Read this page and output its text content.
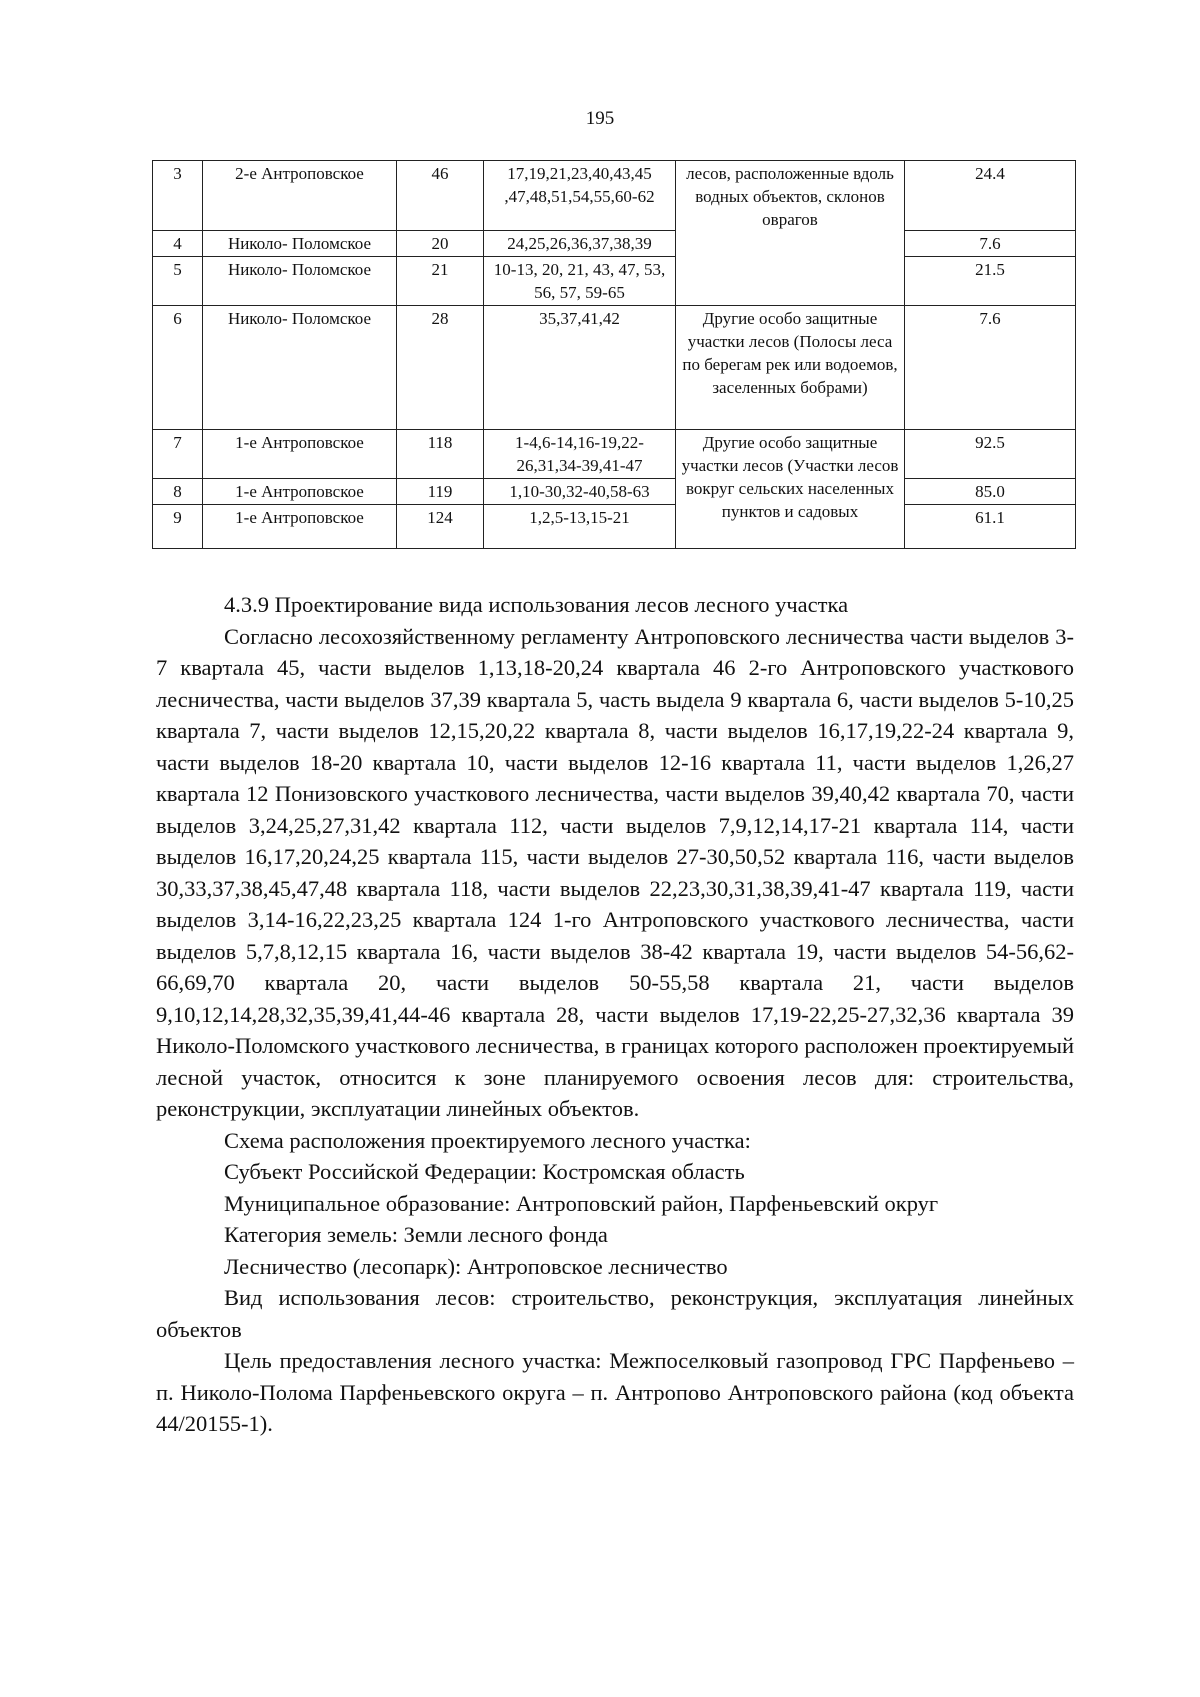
195
3	2-е Антроповское	46	17,19,21,23,40,43,45 ,47,48,51,54,55,60-62	лесов, расположенные вдоль водных объектов, склонов оврагов	24.4
4	Николо- Поломское	20	24,25,26,36,37,38,39		7.6
5	Николо- Поломское	21	10-13, 20, 21, 43, 47, 53, 56, 57, 59-65		21.5
6	Николо- Поломское	28	35,37,41,42	Другие особо защитные участки лесов (Полосы леса по берегам рек или водоемов, заселенных бобрами)	7.6
7	1-е Антроповское	118	1-4,6-14,16-19,22-26,31,34-39,41-47	Другие особо защитные участки лесов (Участки лесов вокруг сельских населенных пунктов и садовых	92.5
8	1-е Антроповское	119	1,10-30,32-40,58-63		85.0
9	1-е Антроповское	124	1,2,5-13,15-21		61.1

4.3.9 Проектирование вида использования лесов лесного участка

Согласно лесохозяйственному регламенту Антроповского лесничества части выделов 3-7 квартала 45, части выделов 1,13,18-20,24 квартала 46 2-го Антроповского участкового лесничества, части выделов 37,39 квартала 5, часть выдела 9 квартала 6, части выделов 5-10,25 квартала 7, части выделов 12,15,20,22 квартала 8, части выделов 16,17,19,22-24 квартала 9, части выделов 18-20 квартала 10, части выделов 12-16 квартала 11, части выделов 1,26,27 квартала 12 Понизовского участкового лесничества, части выделов 39,40,42 квартала 70, части выделов 3,24,25,27,31,42 квартала 112, части выделов 7,9,12,14,17-21 квартала 114, части выделов 16,17,20,24,25 квартала 115, части выделов 27-30,50,52 квартала 116, части выделов 30,33,37,38,45,47,48 квартала 118, части выделов 22,23,30,31,38,39,41-47 квартала 119, части выделов 3,14-16,22,23,25 квартала 124 1-го Антроповского участкового лесничества, части выделов 5,7,8,12,15 квартала 16, части выделов 38-42 квартала 19, части выделов 54-56,62-66,69,70 квартала 20, части выделов 50-55,58 квартала 21, части выделов 9,10,12,14,28,32,35,39,41,44-46 квартала 28, части выделов 17,19-22,25-27,32,36 квартала 39 Николо-Поломского участкового лесничества, в границах которого расположен проектируемый лесной участок, относится к зоне планируемого освоения лесов для: строительства, реконструкции, эксплуатации линейных объектов.

Схема расположения проектируемого лесного участка:

Субъект Российской Федерации: Костромская область

Муниципальное образование: Антроповский район, Парфеньевский округ

Категория земель: Земли лесного фонда

Лесничество (лесопарк): Антроповское лесничество

Вид использования лесов: строительство, реконструкция, эксплуатация линейных объектов

Цель предоставления лесного участка: Межпоселковый газопровод ГРС Парфеньево – п. Николо-Полома Парфеньевского округа – п. Антропово Антроповского района (код объекта 44/20155-1).
